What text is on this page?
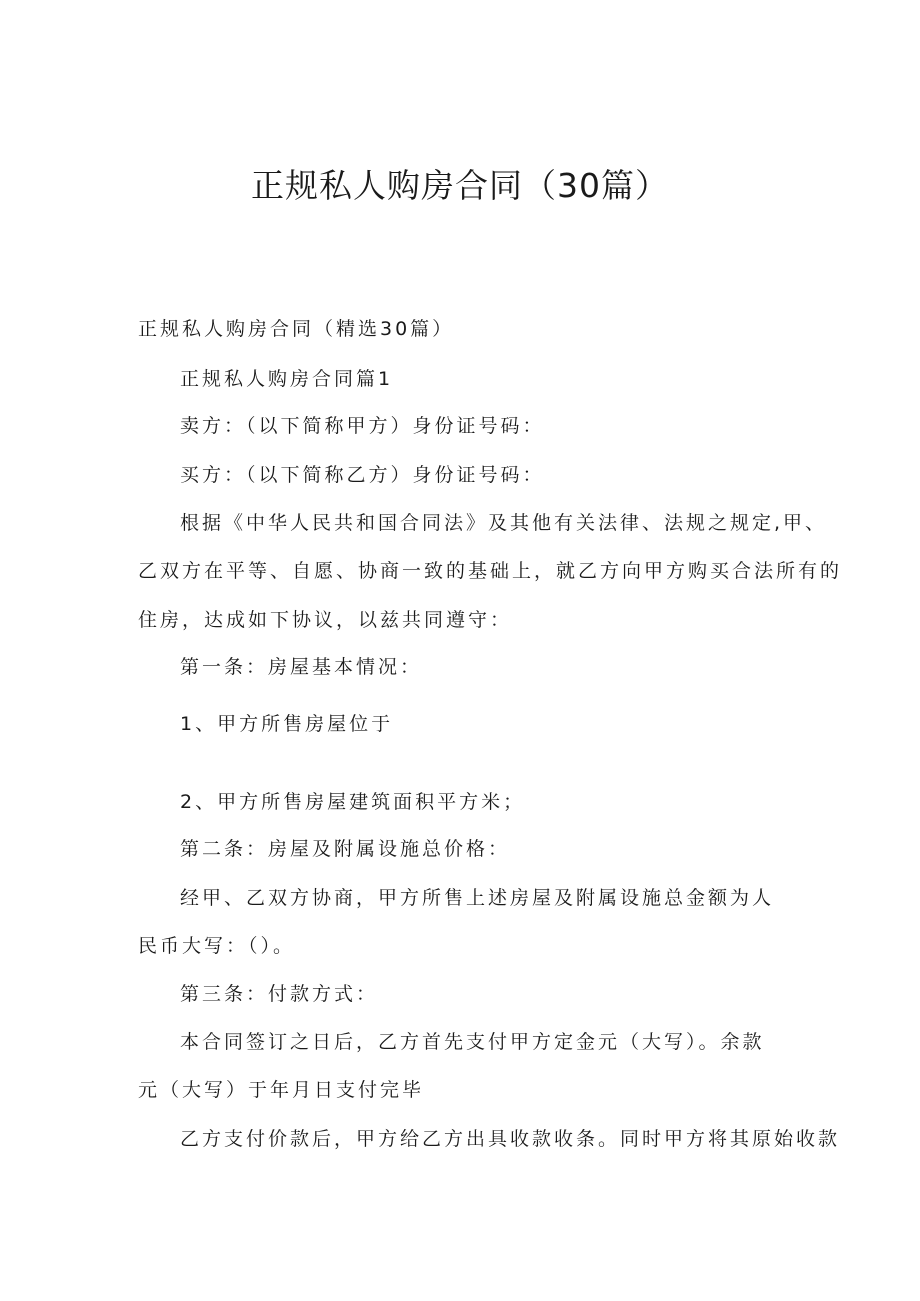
正规私人购房合同（30篇）

正规私人购房合同（精选30篇）

正规私人购房合同篇1

卖方：（以下简称甲方）身份证号码：

买方：（以下简称乙方）身份证号码：

根据《中华人民共和国合同法》及其他有关法律、法规之规定,甲、

乙双方在平等、自愿、协商一致的基础上，就乙方向甲方购买合法所有的

住房，达成如下协议，以兹共同遵守：

第一条：房屋基本情况：

1、甲方所售房屋位于

2、甲方所售房屋建筑面积平方米；

第二条：房屋及附属设施总价格：

经甲、乙双方协商，甲方所售上述房屋及附属设施总金额为人

民币大写：（）。

第三条：付款方式：

本合同签订之日后，乙方首先支付甲方定金元（大写）。余款

元（大写）于年月日支付完毕

乙方支付价款后，甲方给乙方出具收款收条。同时甲方将其原始收款
